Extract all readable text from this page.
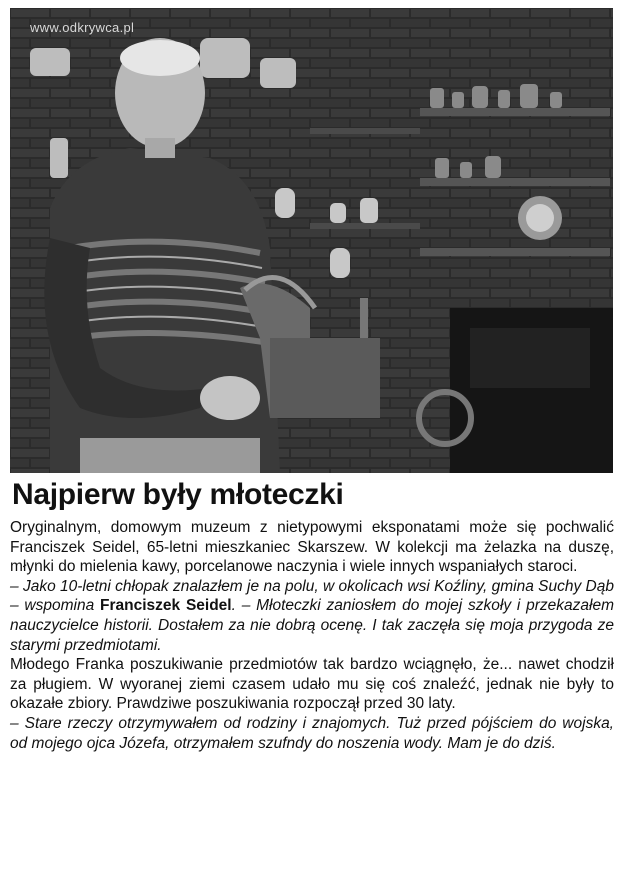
www.odkrywca.pl
Najpierw były młoteczki

Oryginalnym, domowym muzeum z nietypowymi eksponatami może się pochwalić Franciszek Seidel, 65-letni mieszkaniec Skarszew. W kolekcji ma żelazka na duszę, młynki do mielenia kawy, porcelanowe naczynia i wiele innych wspaniałych staroci.

– Jako 10-letni chłopak znalazłem je na polu, w okolicach wsi Koźliny, gmina Suchy Dąb – wspomina Franciszek Seidel. – Młoteczki zaniosłem do mojej szkoły i przekazałem nauczycielce historii. Dostałem za nie dobrą ocenę. I tak zaczęła się moja przygoda ze starymi przedmiotami.

Młodego Franka poszukiwanie przedmiotów tak bardzo wciągnęło, że... nawet chodził za pługiem. W wyoranej ziemi czasem udało mu się coś znaleźć, jednak nie były to okazałe zbiory. Prawdziwe poszukiwania rozpoczął przed 30 laty.

– Stare rzeczy otrzymywałem od rodziny i znajomych. Tuż przed pójściem do wojska, od mojego ojca Józefa, otrzymałem szufndy do noszenia wody. Mam je do dziś.
